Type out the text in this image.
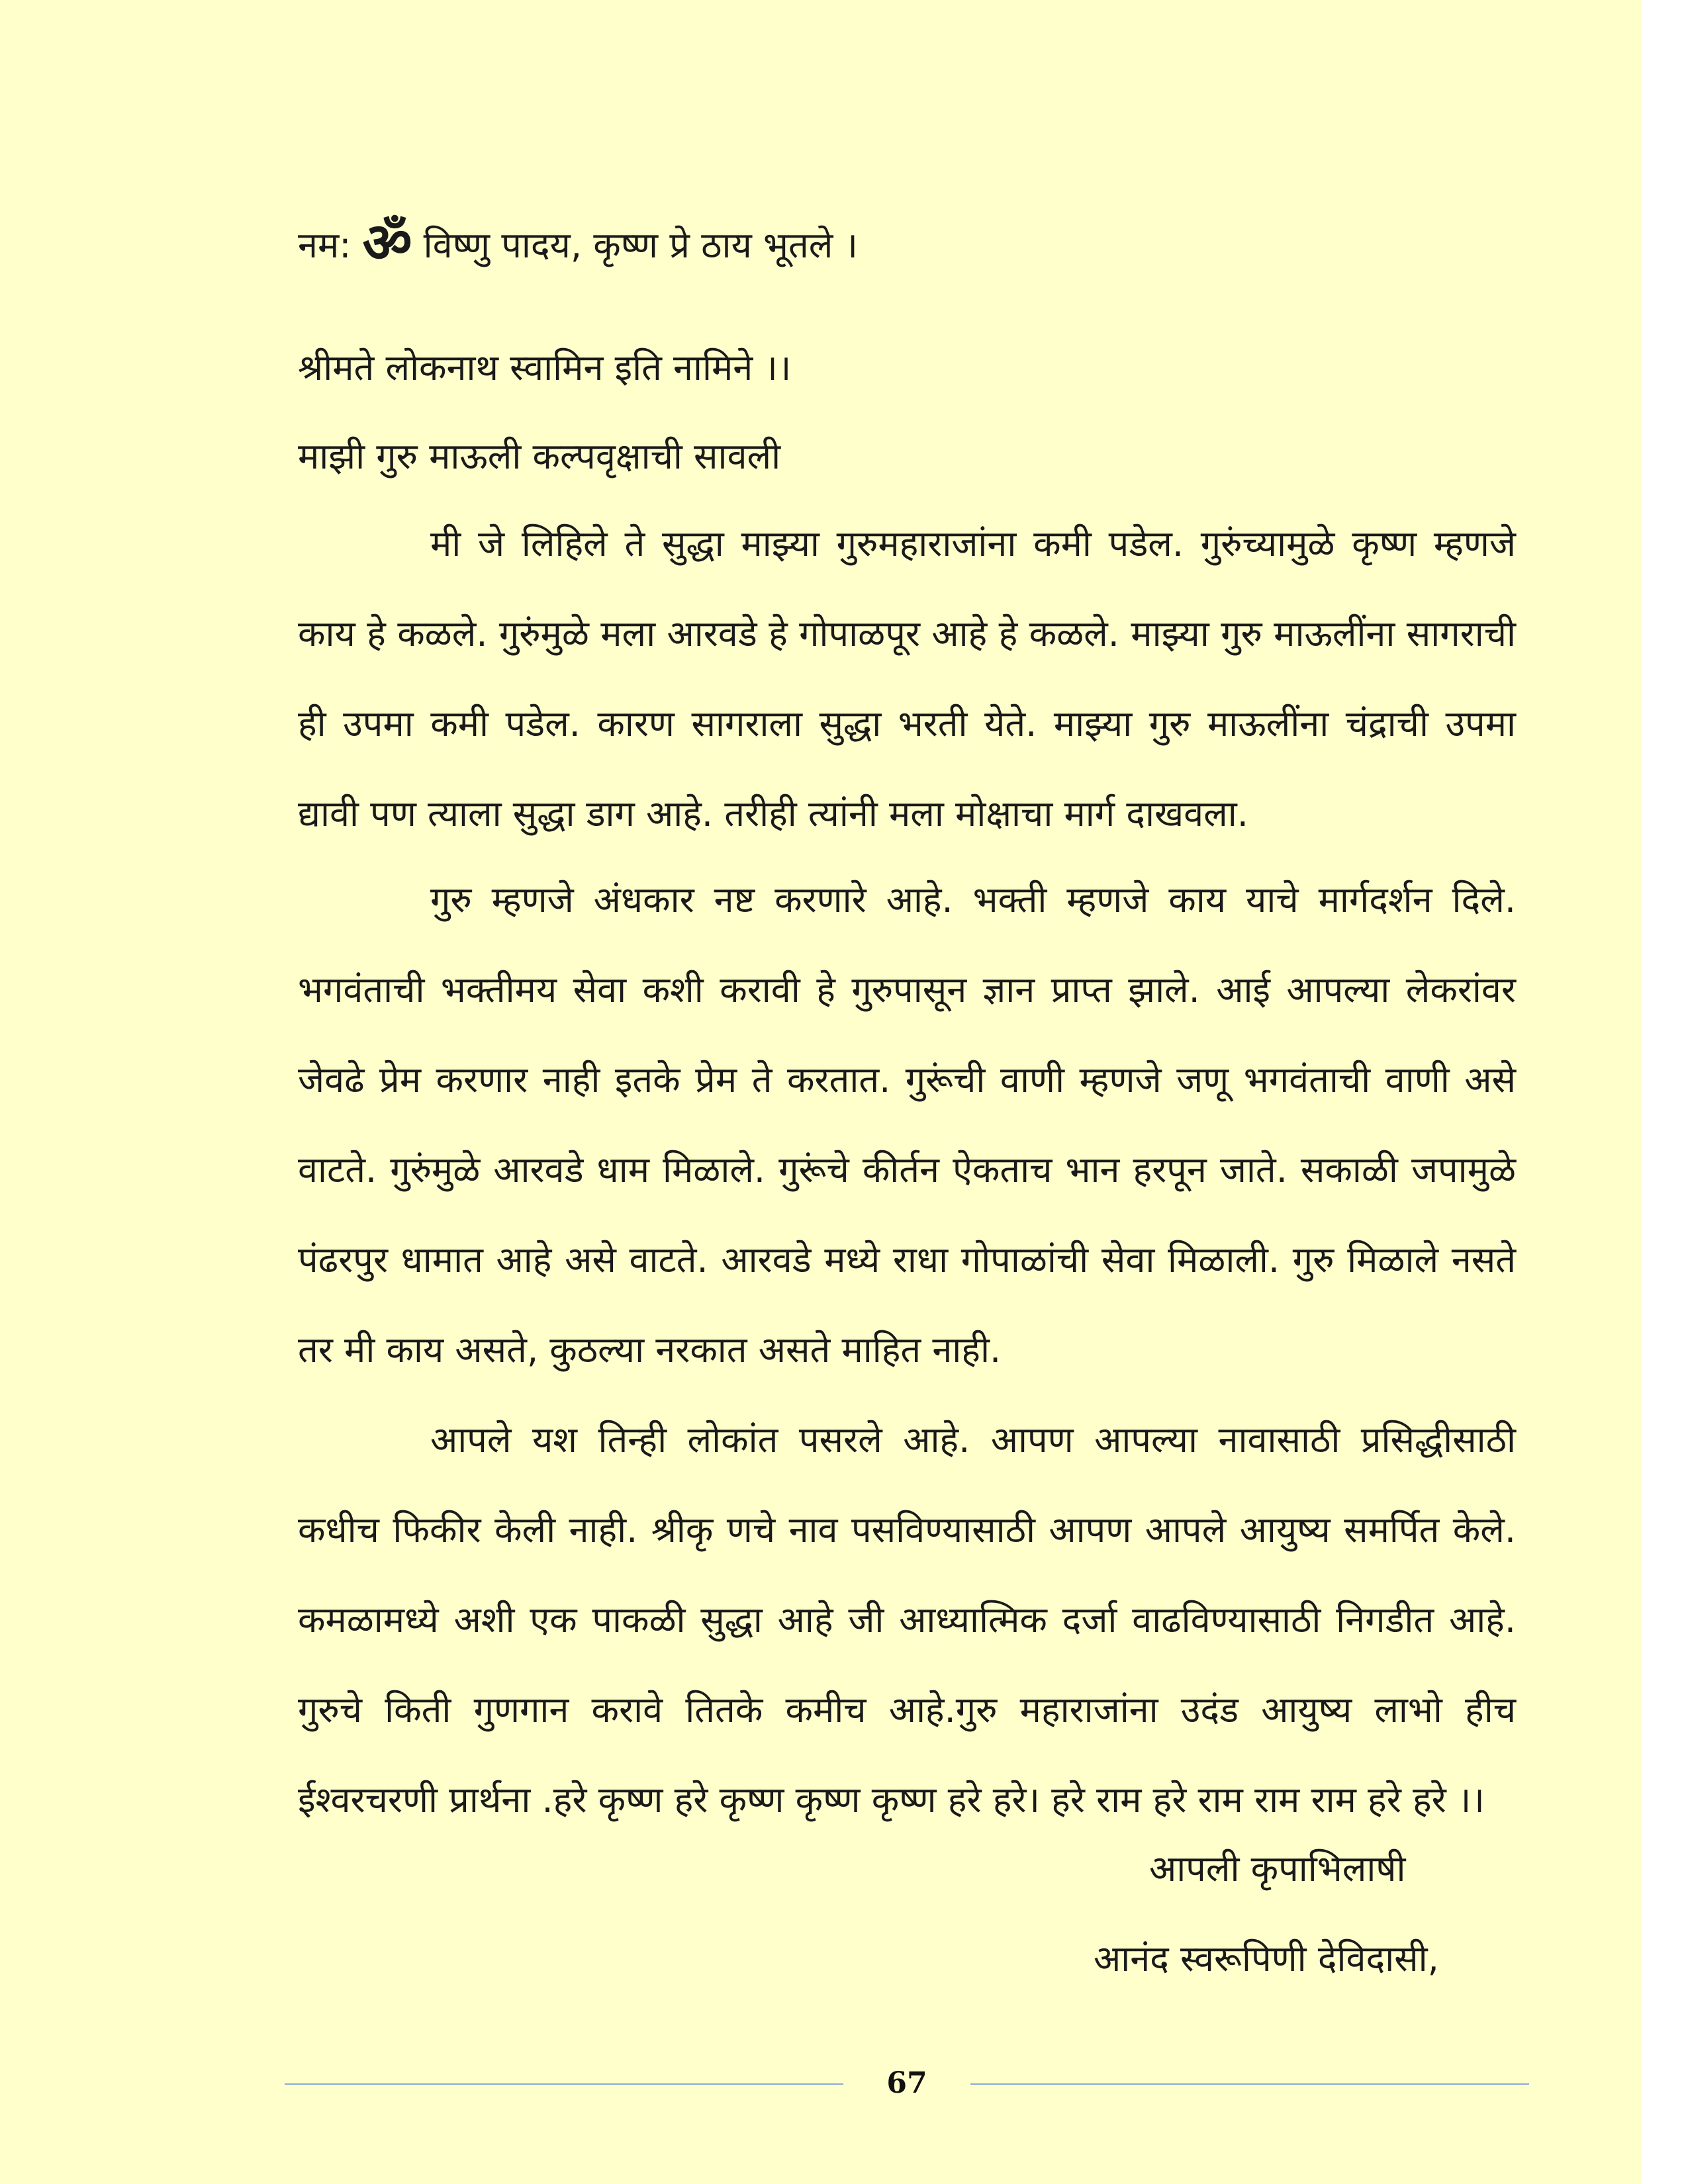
नम: ॐ विष्णु पादय, कृष्ण प्रे ठाय भूतले ।
श्रीमते लोकनाथ स्वामिन इति नामिने ।।
माझी गुरु माऊली कल्पवृक्षाची सावली
मी जे लिहिले ते सुद्धा माझ्या गुरुमहाराजांना कमी पडेल. गुरुंच्यामुळे कृष्ण म्हणजे काय हे कळले. गुरुंमुळे मला आरवडे हे गोपाळपूर आहे हे कळले. माझ्या गुरु माऊलींना सागराची ही उपमा कमी पडेल. कारण सागराला सुद्धा भरती येते. माझ्या गुरु माऊलींना चंद्राची उपमा द्यावी पण त्याला सुद्धा डाग आहे. तरीही त्यांनी मला मोक्षाचा मार्ग दाखवला.
गुरु म्हणजे अंधकार नष्ट करणारे आहे. भक्ती म्हणजे काय याचे मार्गदर्शन दिले. भगवंताची भक्तीमय सेवा कशी करावी हे गुरुपासून ज्ञान प्राप्त झाले. आई आपल्या लेकरांवर जेवढे प्रेम करणार नाही इतके प्रेम ते करतात. गुरूंची वाणी म्हणजे जणू भगवंताची वाणी असे वाटते. गुरुंमुळे आरवडे धाम मिळाले. गुरूंचे कीर्तन ऐकताच भान हरपून जाते. सकाळी जपामुळे पंढरपुर धामात आहे असे वाटते. आरवडे मध्ये राधा गोपाळांची सेवा मिळाली. गुरु मिळाले नसते तर मी काय असते, कुठल्या नरकात असते माहित नाही.
आपले यश तिन्ही लोकांत पसरले आहे. आपण आपल्या नावासाठी प्रसिद्धीसाठी कधीच फिकीर केली नाही. श्रीकृ णचे नाव पसविण्यासाठी आपण आपले आयुष्य समर्पित केले. कमळामध्ये अशी एक पाकळी सुद्धा आहे जी आध्यात्मिक दर्जा वाढविण्यासाठी निगडीत आहे. गुरुचे किती गुणगान करावे तितके कमीच आहे.गुरु महाराजांना उदंड आयुष्य लाभो हीच ईश्वरचरणी प्रार्थना .हरे कृष्ण हरे कृष्ण कृष्ण कृष्ण हरे हरे। हरे राम हरे राम राम राम हरे हरे ।।
आपली कृपाभिलाषी
आनंद स्वरूपिणी देविदासी,
67
